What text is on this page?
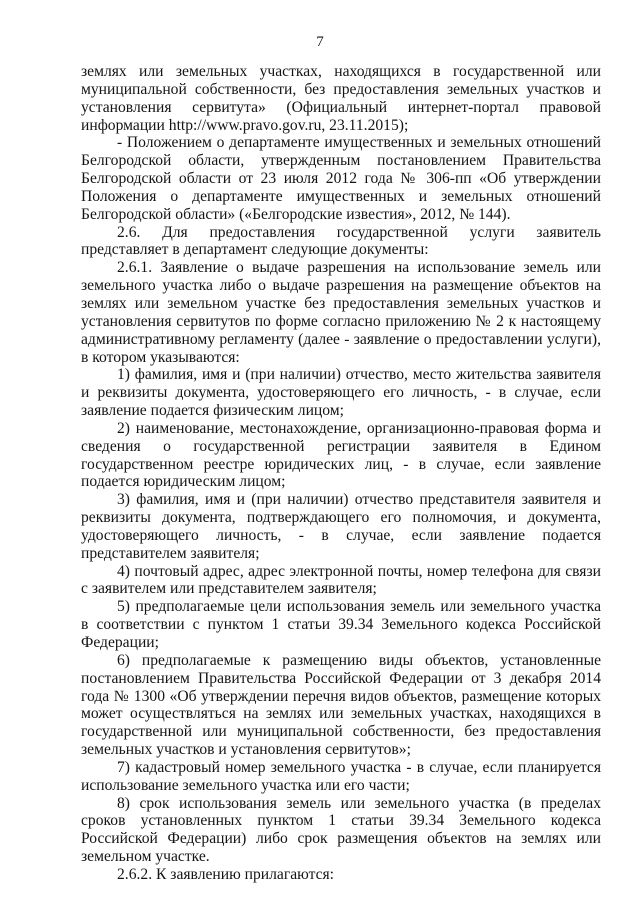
7

землях или земельных участках, находящихся в государственной или муниципальной собственности, без предоставления земельных участков и установления сервитута» (Официальный интернет-портал правовой информации http://www.pravo.gov.ru, 23.11.2015);

- Положением о департаменте имущественных и земельных отношений Белгородской области, утвержденным постановлением Правительства Белгородской области от 23 июля 2012 года № 306-пп «Об утверждении Положения о департаменте имущественных и земельных отношений Белгородской области» («Белгородские известия», 2012, № 144).

2.6. Для предоставления государственной услуги заявитель представляет в департамент следующие документы:

2.6.1. Заявление о выдаче разрешения на использование земель или земельного участка либо о выдаче разрешения на размещение объектов на землях или земельном участке без предоставления земельных участков и установления сервитутов по форме согласно приложению № 2 к настоящему административному регламенту (далее - заявление о предоставлении услуги), в котором указываются:

1) фамилия, имя и (при наличии) отчество, место жительства заявителя и реквизиты документа, удостоверяющего его личность, - в случае, если заявление подается физическим лицом;

2) наименование, местонахождение, организационно-правовая форма и сведения о государственной регистрации заявителя в Едином государственном реестре юридических лиц, - в случае, если заявление подается юридическим лицом;

3) фамилия, имя и (при наличии) отчество представителя заявителя и реквизиты документа, подтверждающего его полномочия, и документа, удостоверяющего личность, - в случае, если заявление подается представителем заявителя;

4) почтовый адрес, адрес электронной почты, номер телефона для связи с заявителем или представителем заявителя;

5) предполагаемые цели использования земель или земельного участка в соответствии с пунктом 1 статьи 39.34 Земельного кодекса Российской Федерации;

6) предполагаемые к размещению виды объектов, установленные постановлением Правительства Российской Федерации от 3 декабря 2014 года № 1300 «Об утверждении перечня видов объектов, размещение которых может осуществляться на землях или земельных участках, находящихся в государственной или муниципальной собственности, без предоставления земельных участков и установления сервитутов»;

7) кадастровый номер земельного участка - в случае, если планируется использование земельного участка или его части;

8) срок использования земель или земельного участка (в пределах сроков установленных пунктом 1 статьи 39.34 Земельного кодекса Российской Федерации) либо срок размещения объектов на землях или земельном участке.

2.6.2. К заявлению прилагаются:
